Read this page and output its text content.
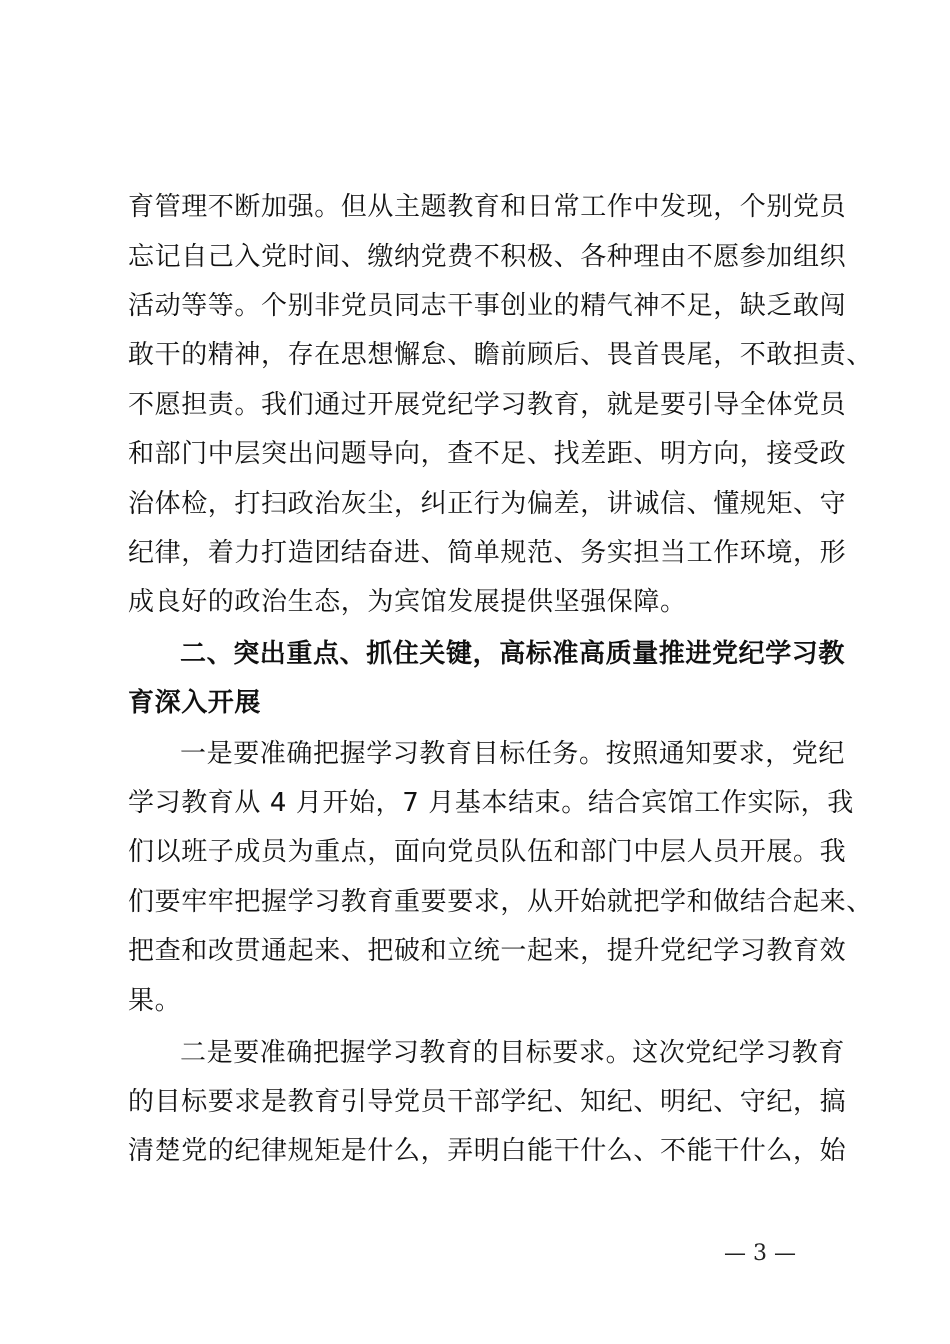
育管理不断加强。但从主题教育和日常工作中发现，个别党员
忘记自己入党时间、缴纳党费不积极、各种理由不愿参加组织
活动等等。个别非党员同志干事创业的精气神不足，缺乏敢闯
敢干的精神，存在思想懈怠、瞻前顾后、畏首畏尾，不敢担责、
不愿担责。我们通过开展党纪学习教育，就是要引导全体党员
和部门中层突出问题导向，查不足、找差距、明方向，接受政
治体检，打扫政治灰尘，纠正行为偏差，讲诚信、懂规矩、守
纪律，着力打造团结奋进、简单规范、务实担当工作环境，形
成良好的政治生态，为宾馆发展提供坚强保障。
二、突出重点、抓住关键，高标准高质量推进党纪学习教
育深入开展
一是要准确把握学习教育目标任务。按照通知要求，党纪
学习教育从 4 月开始，7 月基本结束。结合宾馆工作实际，我
们以班子成员为重点，面向党员队伍和部门中层人员开展。我
们要牢牢把握学习教育重要要求，从开始就把学和做结合起来、
把查和改贯通起来、把破和立统一起来，提升党纪学习教育效
果。
二是要准确把握学习教育的目标要求。这次党纪学习教育
的目标要求是教育引导党员干部学纪、知纪、明纪、守纪，搞
清楚党的纪律规矩是什么，弄明白能干什么、不能干什么，始
— 3 —
